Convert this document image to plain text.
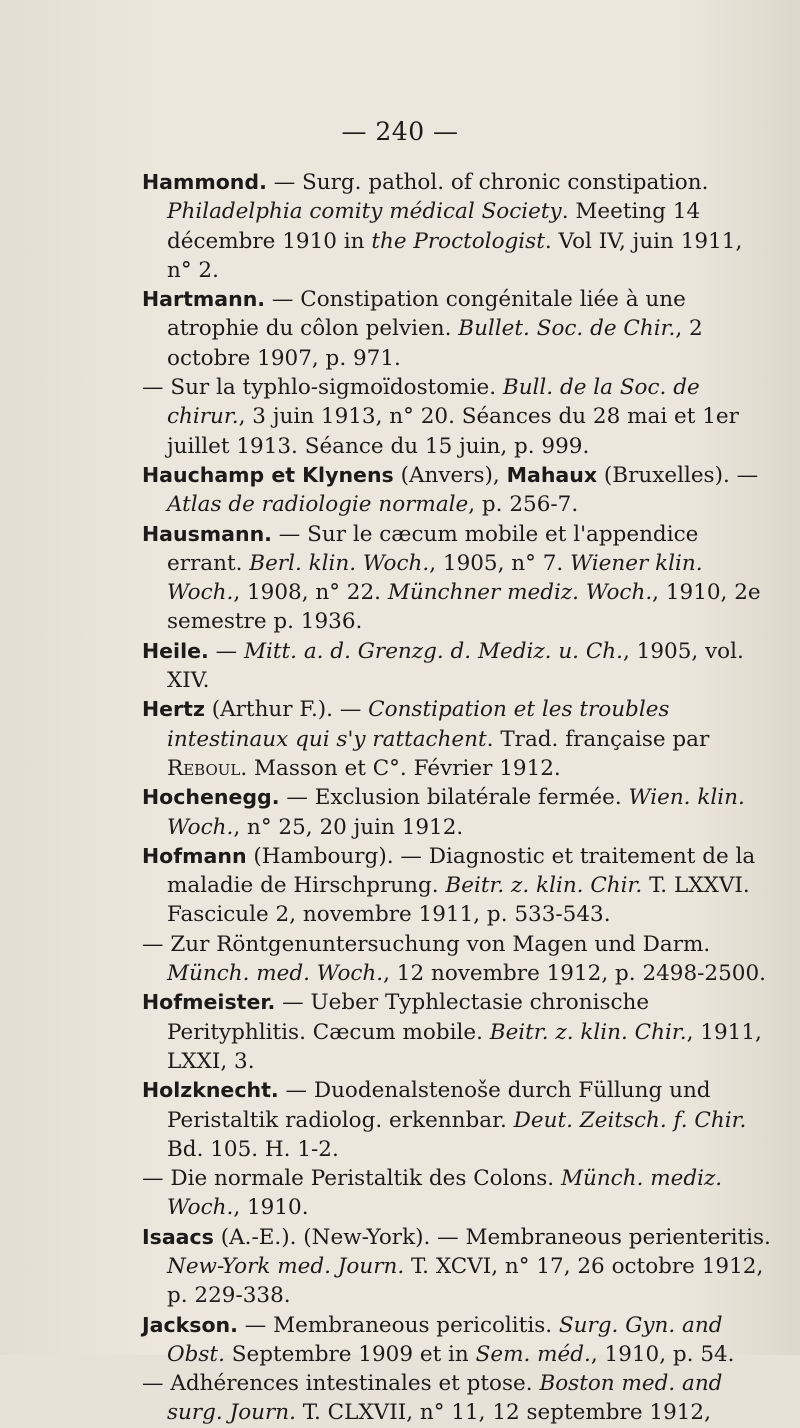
— 240 —

Hammond. — Surg. pathol. of chronic constipation. Philadelphia comity médical Society. Meeting 14 décembre 1910 in the Proctologist. Vol IV, juin 1911, n° 2.

Hartmann. — Constipation congénitale liée à une atrophie du côlon pelvien. Bullet. Soc. de Chir., 2 octobre 1907, p. 971.

— Sur la typhlo-sigmoïdostomie. Bull. de la Soc. de chirur., 3 juin 1913, n° 20. Séances du 28 mai et 1er juillet 1913. Séance du 15 juin, p. 999.

Hauchamp et Klynens (Anvers), Mahaux (Bruxelles). — Atlas de radiologie normale, p. 256-7.

Hausmann. — Sur le cæcum mobile et l'appendice errant. Berl. klin. Woch., 1905, n° 7. Wiener klin. Woch., 1908, n° 22. Münchner mediz. Woch., 1910, 2e semestre p. 1936.

Heile. — Mitt. a. d. Grenzg. d. Mediz. u. Ch., 1905, vol. XIV.

Hertz (Arthur F.). — Constipation et les troubles intestinaux qui s'y rattachent. Trad. française par Reboul. Masson et C°. Février 1912.

Hochenegg. — Exclusion bilatérale fermée. Wien. klin. Woch., n° 25, 20 juin 1912.

Hofmann (Hambourg). — Diagnostic et traitement de la maladie de Hirschprung. Beitr. z. klin. Chir. T. LXXVI. Fascicule 2, novembre 1911, p. 533-543.

— Zur Röntgenuntersuchung von Magen und Darm. Münch. med. Woch., 12 novembre 1912, p. 2498-2500.

Hofmeister. — Ueber Typhlectasie chronische Perityphlitis. Cæcum mobile. Beitr. z. klin. Chir., 1911, LXXI, 3.

Holzknecht. — Duodenalstenoše durch Füllung und Peristaltik radiolog. erkennbar. Deut. Zeitsch. f. Chir. Bd. 105. H. 1-2.

— Die normale Peristaltik des Colons. Münch. mediz. Woch., 1910.

Isaacs (A.-E.). (New-York). — Membraneous perienteritis. New-York med. Journ. T. XCVI, n° 17, 26 octobre 1912, p. 229-338.

Jackson. — Membraneous pericolitis. Surg. Gyn. and Obst. Septembre 1909 et in Sem. méd., 1910, p. 54.

— Adhérences intestinales et ptose. Boston med. and surg. Journ. T. CLXVII, n° 11, 12 septembre 1912,
